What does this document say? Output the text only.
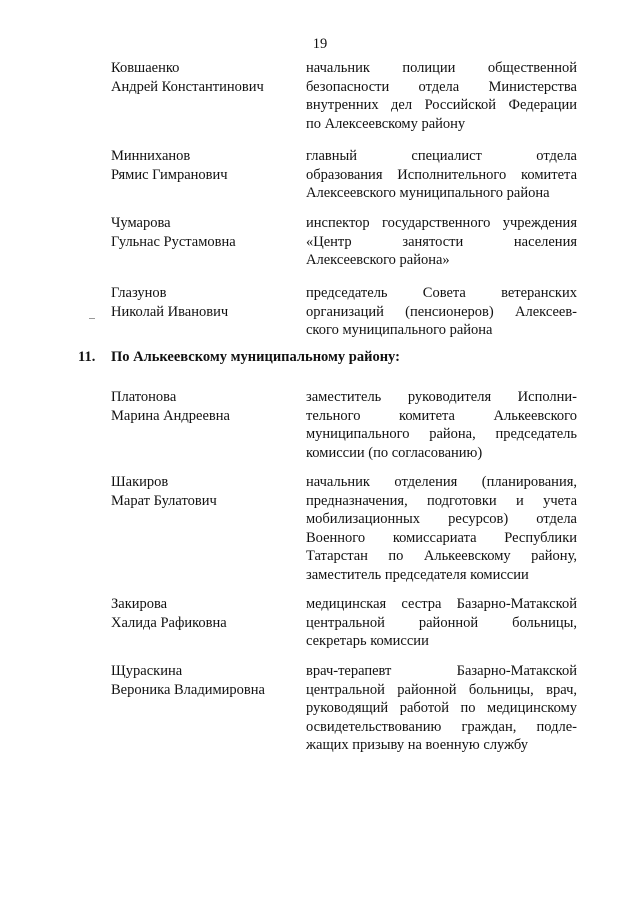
19
Ковшаенко
Андрей Константинович
начальник полиции общественной
безопасности отдела Министерства
внутренних дел Российской Федерации
по Алексеевскому району
Минниханов
Рямис Гимранович
главный специалист отдела
образования Исполнительного комитета
Алексеевского муниципального района
Чумарова
Гульнас Рустамовна
инспектор государственного учреждения
«Центр занятости населения
Алексеевского района»
Глазунов
Николай Иванович
председатель Совета ветеранских
организаций (пенсионеров) Алексеев-
ского муниципального района
11. По Алькеевскому муниципальному району:
Платонова
Марина Андреевна
заместитель руководителя Исполни-
тельного комитета Алькеевского
муниципального района, председатель
комиссии (по согласованию)
Шакиров
Марат Булатович
начальник отделения (планирования,
предназначения, подготовки и учета
мобилизационных ресурсов) отдела
Военного комиссариата Республики
Татарстан по Алькеевскому району,
заместитель председателя комиссии
Закирова
Халида Рафиковна
медицинская сестра Базарно-Матакской
центральной районной больницы,
секретарь комиссии
Щураскина
Вероника Владимировна
врач-терапевт Базарно-Матакской
центральной районной больницы, врач,
руководящий работой по медицинскому
освидетельствованию граждан, подле-
жащих призыву на военную службу
